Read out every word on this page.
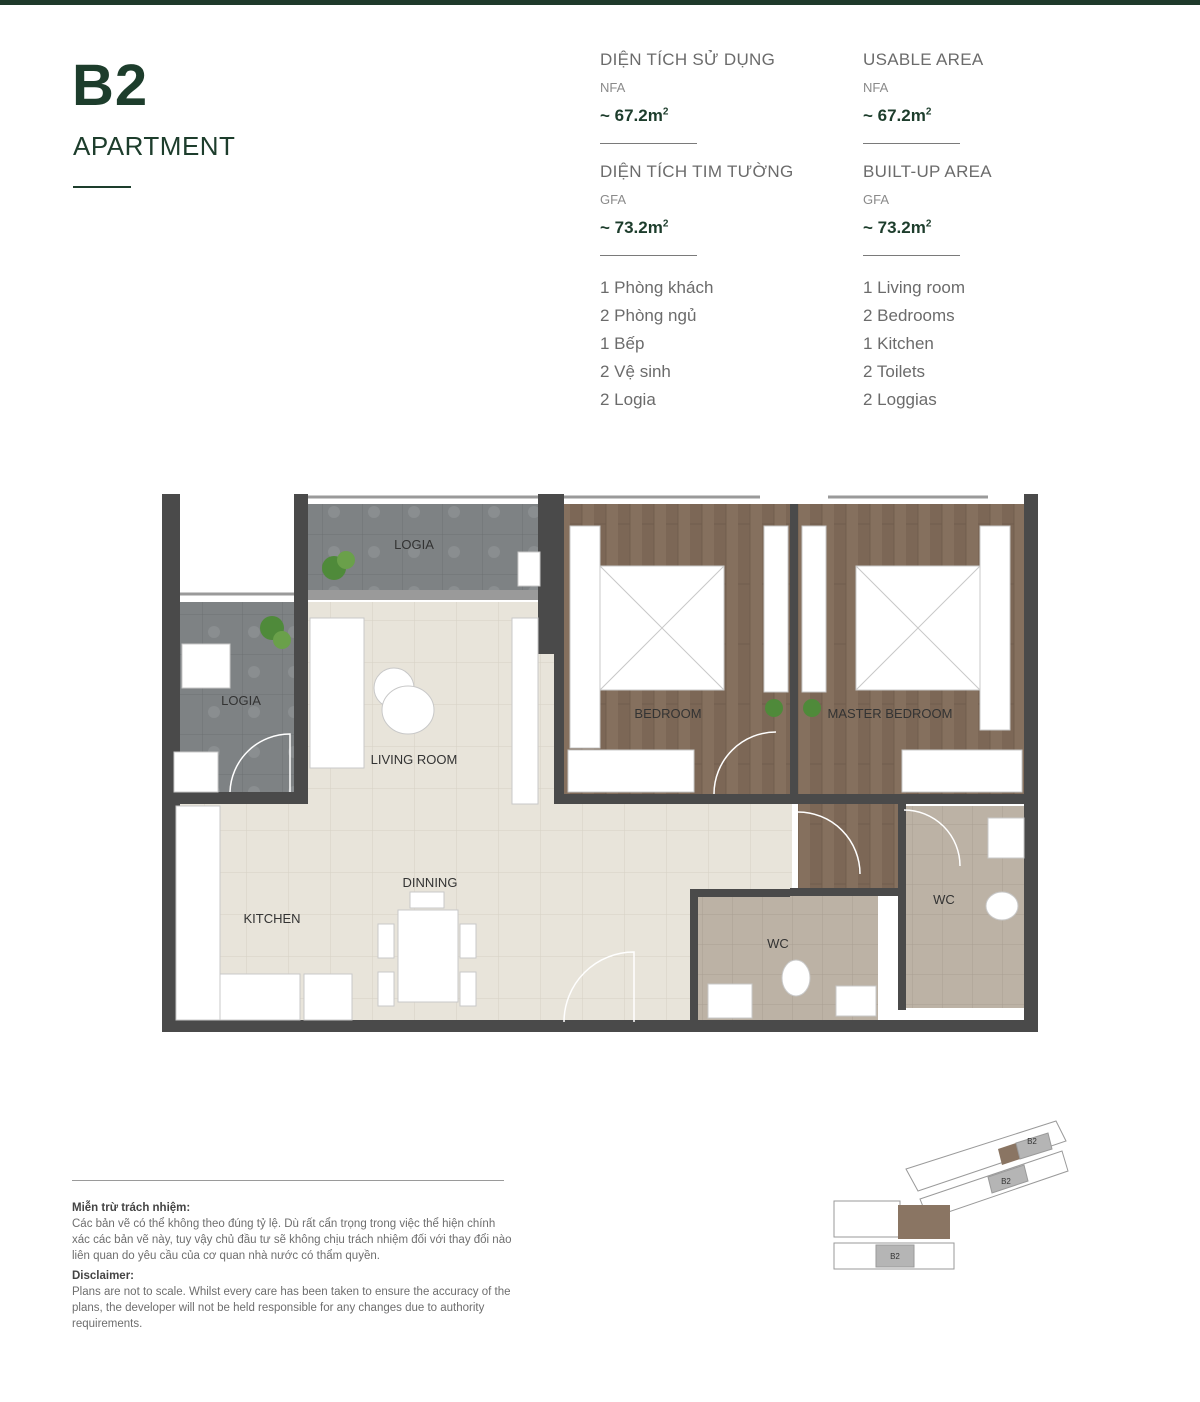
B2
APARTMENT
DIỆN TÍCH SỬ DỤNG
NFA
~ $67.2m^2$
DIỆN TÍCH TIM TƯỜNG
GFA
~ $73.2m^2$
1 Phòng khách
2 Phòng ngủ
1 Bếp
2 Vệ sinh
2 Logia
USABLE AREA
NFA
~ $67.2m^2$
BUILT-UP AREA
GFA
~ $73.2m^2$
1 Living room
2 Bedrooms
1 Kitchen
2 Toilets
2 Loggias
LOGIA
LOGIA
LIVING ROOM
BEDROOM	MASTER BEDROOM
DINNING
KITCHEN
WC
WC
Miễn trừ trách nhiệm:

Các bản vẽ có thể không theo đúng tỷ lệ. Dù rất cẩn trọng trong việc thể hiện chính xác các bản vẽ này, tuy vậy chủ đầu tư sẽ không chịu trách nhiệm đối với thay đổi nào liên quan do yêu cầu của cơ quan nhà nước có thẩm quyền.

Disclaimer:

Plans are not to scale. Whilst every care has been taken to ensure the accuracy of the plans, the developer will not be held responsible for any changes due to authority requirements.

B2
B2
B2
